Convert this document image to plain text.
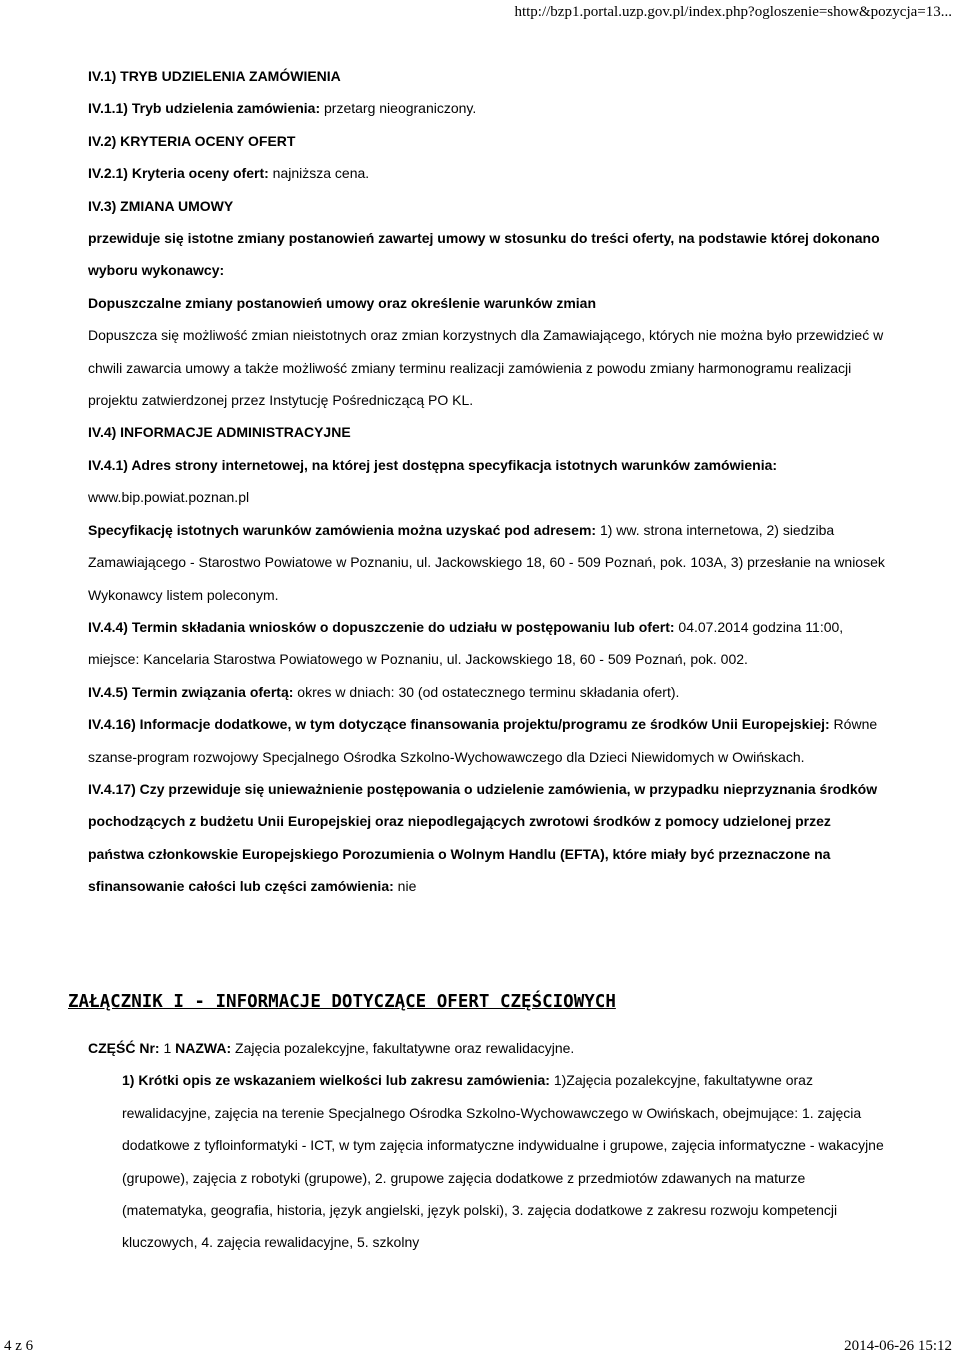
http://bzp1.portal.uzp.gov.pl/index.php?ogloszenie=show&pozycja=13...

IV.1) TRYB UDZIELENIA ZAMÓWIENIA

IV.1.1) Tryb udzielenia zamówienia: przetarg nieograniczony.

IV.2) KRYTERIA OCENY OFERT

IV.2.1) Kryteria oceny ofert: najniższa cena.

IV.3) ZMIANA UMOWY

przewiduje się istotne zmiany postanowień zawartej umowy w stosunku do treści oferty, na podstawie której dokonano wyboru wykonawcy:

Dopuszczalne zmiany postanowień umowy oraz określenie warunków zmian

Dopuszcza się możliwość zmian nieistotnych oraz zmian korzystnych dla Zamawiającego, których nie można było przewidzieć w chwili zawarcia umowy a także możliwość zmiany terminu realizacji zamówienia z powodu zmiany harmonogramu realizacji projektu zatwierdzonej przez Instytucję Pośredniczącą PO KL.

IV.4) INFORMACJE ADMINISTRACYJNE

IV.4.1) Adres strony internetowej, na której jest dostępna specyfikacja istotnych warunków zamówienia:

www.bip.powiat.poznan.pl

Specyfikację istotnych warunków zamówienia można uzyskać pod adresem: 1) ww. strona internetowa, 2) siedziba Zamawiającego - Starostwo Powiatowe w Poznaniu, ul. Jackowskiego 18, 60 - 509 Poznań, pok. 103A, 3) przesłanie na wniosek Wykonawcy listem poleconym.

IV.4.4) Termin składania wniosków o dopuszczenie do udziału w postępowaniu lub ofert: 04.07.2014 godzina 11:00, miejsce: Kancelaria Starostwa Powiatowego w Poznaniu, ul. Jackowskiego 18, 60 - 509 Poznań, pok. 002.

IV.4.5) Termin związania ofertą: okres w dniach: 30 (od ostatecznego terminu składania ofert).

IV.4.16) Informacje dodatkowe, w tym dotyczące finansowania projektu/programu ze środków Unii Europejskiej: Równe szanse-program rozwojowy Specjalnego Ośrodka Szkolno-Wychowawczego dla Dzieci Niewidomych w Owińskach.

IV.4.17) Czy przewiduje się unieważnienie postępowania o udzielenie zamówienia, w przypadku nieprzyznania środków pochodzących z budżetu Unii Europejskiej oraz niepodlegających zwrotowi środków z pomocy udzielonej przez państwa członkowskie Europejskiego Porozumienia o Wolnym Handlu (EFTA), które miały być przeznaczone na sfinansowanie całości lub części zamówienia: nie

ZAŁĄCZNIK I - INFORMACJE DOTYCZĄCE OFERT CZĘŚCIOWYCH

CZĘŚĆ Nr: 1 NAZWA: Zajęcia pozalekcyjne, fakultatywne oraz rewalidacyjne.

1) Krótki opis ze wskazaniem wielkości lub zakresu zamówienia: 1)Zajęcia pozalekcyjne, fakultatywne oraz rewalidacyjne, zajęcia na terenie Specjalnego Ośrodka Szkolno-Wychowawczego w Owińskach, obejmujące: 1. zajęcia dodatkowe z tyfloinformatyki - ICT, w tym zajęcia informatyczne indywidualne i grupowe, zajęcia informatyczne - wakacyjne (grupowe), zajęcia z robotyki (grupowe), 2. grupowe zajęcia dodatkowe z przedmiotów zdawanych na maturze (matematyka, geografia, historia, język angielski, język polski), 3. zajęcia dodatkowe z zakresu rozwoju kompetencji kluczowych, 4. zajęcia rewalidacyjne, 5. szkolny

4 z 6	2014-06-26 15:12
